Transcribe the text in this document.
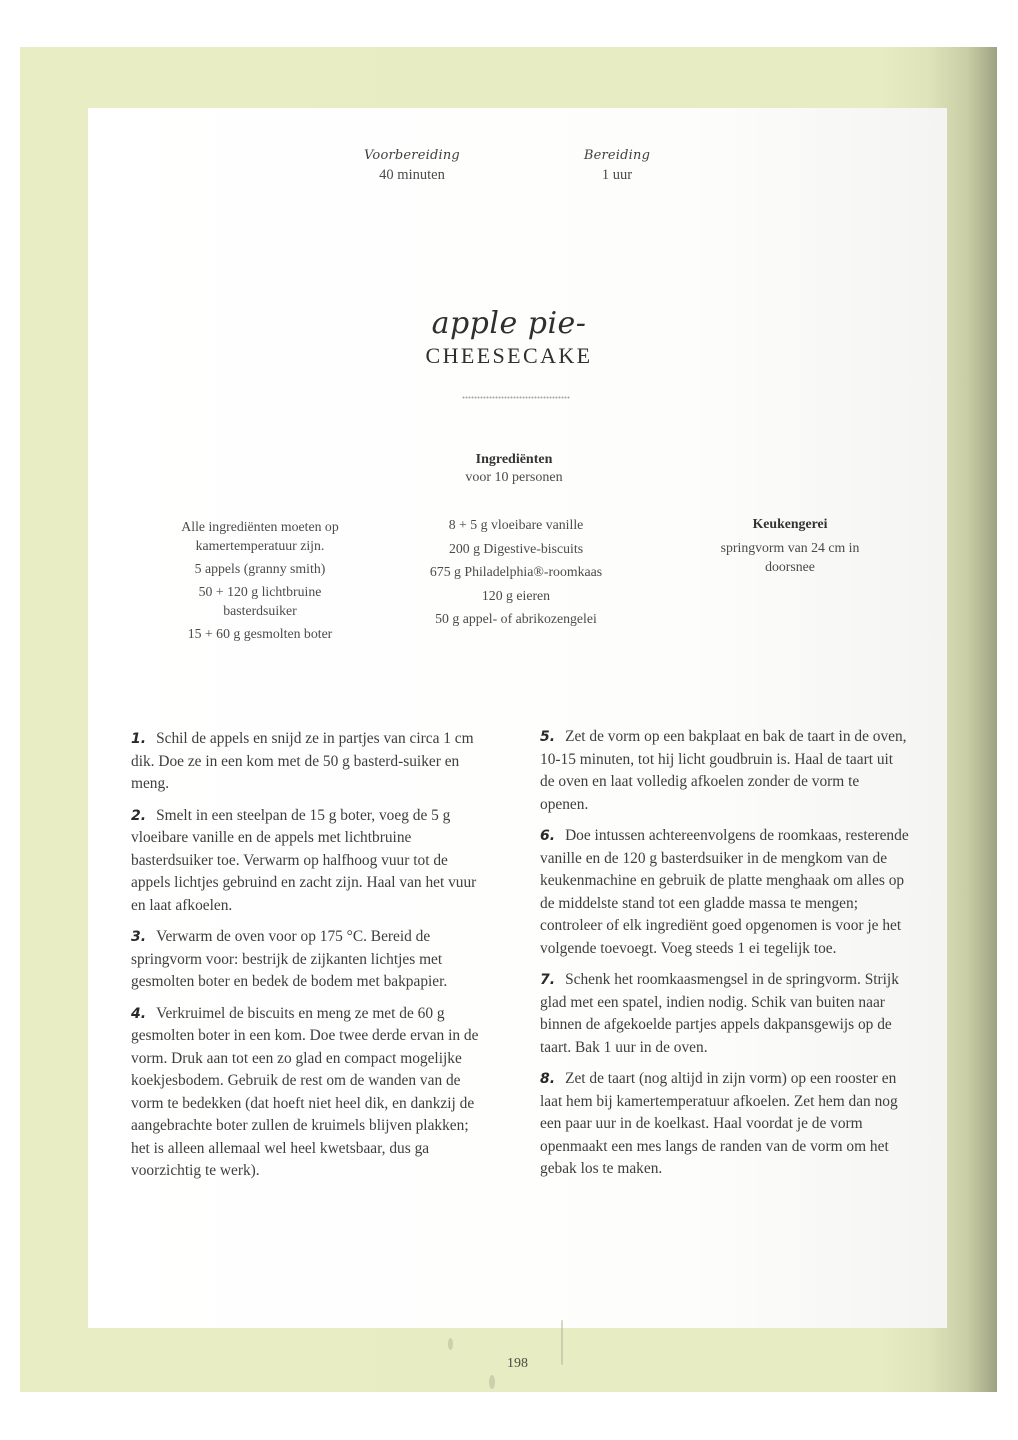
Voorbereiding
40 minuten
Bereiding
1 uur
apple pie-
CHEESECAKE
Ingrediënten
voor 10 personen

Alle ingrediënten moeten op kamertemperatuur zijn.

5 appels (granny smith)

50 + 120 g lichtbruine basterdsuiker

15 + 60 g gesmolten boter

8 + 5 g vloeibare vanille

200 g Digestive-biscuits

675 g Philadelphia®-roomkaas

120 g eieren

50 g appel- of abrikozengelei

Keukengerei

springvorm van 24 cm in doorsnee

1. Schil de appels en snijd ze in partjes van circa 1 cm dik. Doe ze in een kom met de 50 g basterd-suiker en meng.
2. Smelt in een steelpan de 15 g boter, voeg de 5 g vloeibare vanille en de appels met lichtbruine basterdsuiker toe. Verwarm op halfhoog vuur tot de appels lichtjes gebruind en zacht zijn. Haal van het vuur en laat afkoelen.
3. Verwarm de oven voor op 175 °C. Bereid de springvorm voor: bestrijk de zijkanten lichtjes met gesmolten boter en bedek de bodem met bakpapier.
4. Verkruimel de biscuits en meng ze met de 60 g gesmolten boter in een kom. Doe twee derde ervan in de vorm. Druk aan tot een zo glad en compact mogelijke koekjesbodem. Gebruik de rest om de wanden van de vorm te bedekken (dat hoeft niet heel dik, en dankzij de aangebrachte boter zullen de kruimels blijven plakken; het is alleen allemaal wel heel kwetsbaar, dus ga voorzichtig te werk).
5. Zet de vorm op een bakplaat en bak de taart in de oven, 10-15 minuten, tot hij licht goudbruin is. Haal de taart uit de oven en laat volledig afkoelen zonder de vorm te openen.
6. Doe intussen achtereenvolgens de roomkaas, resterende vanille en de 120 g basterdsuiker in de mengkom van de keukenmachine en gebruik de platte menghaak om alles op de middelste stand tot een gladde massa te mengen; controleer of elk ingrediënt goed opgenomen is voor je het volgende toevoegt. Voeg steeds 1 ei tegelijk toe.
7. Schenk het roomkaasmengsel in de springvorm. Strijk glad met een spatel, indien nodig. Schik van buiten naar binnen de afgekoelde partjes appels dakpansgewijs op de taart. Bak 1 uur in de oven.
8. Zet de taart (nog altijd in zijn vorm) op een rooster en laat hem bij kamertemperatuur afkoelen. Zet hem dan nog een paar uur in de koelkast. Haal voordat je de vorm openmaakt een mes langs de randen van de vorm om het gebak los te maken.
198
